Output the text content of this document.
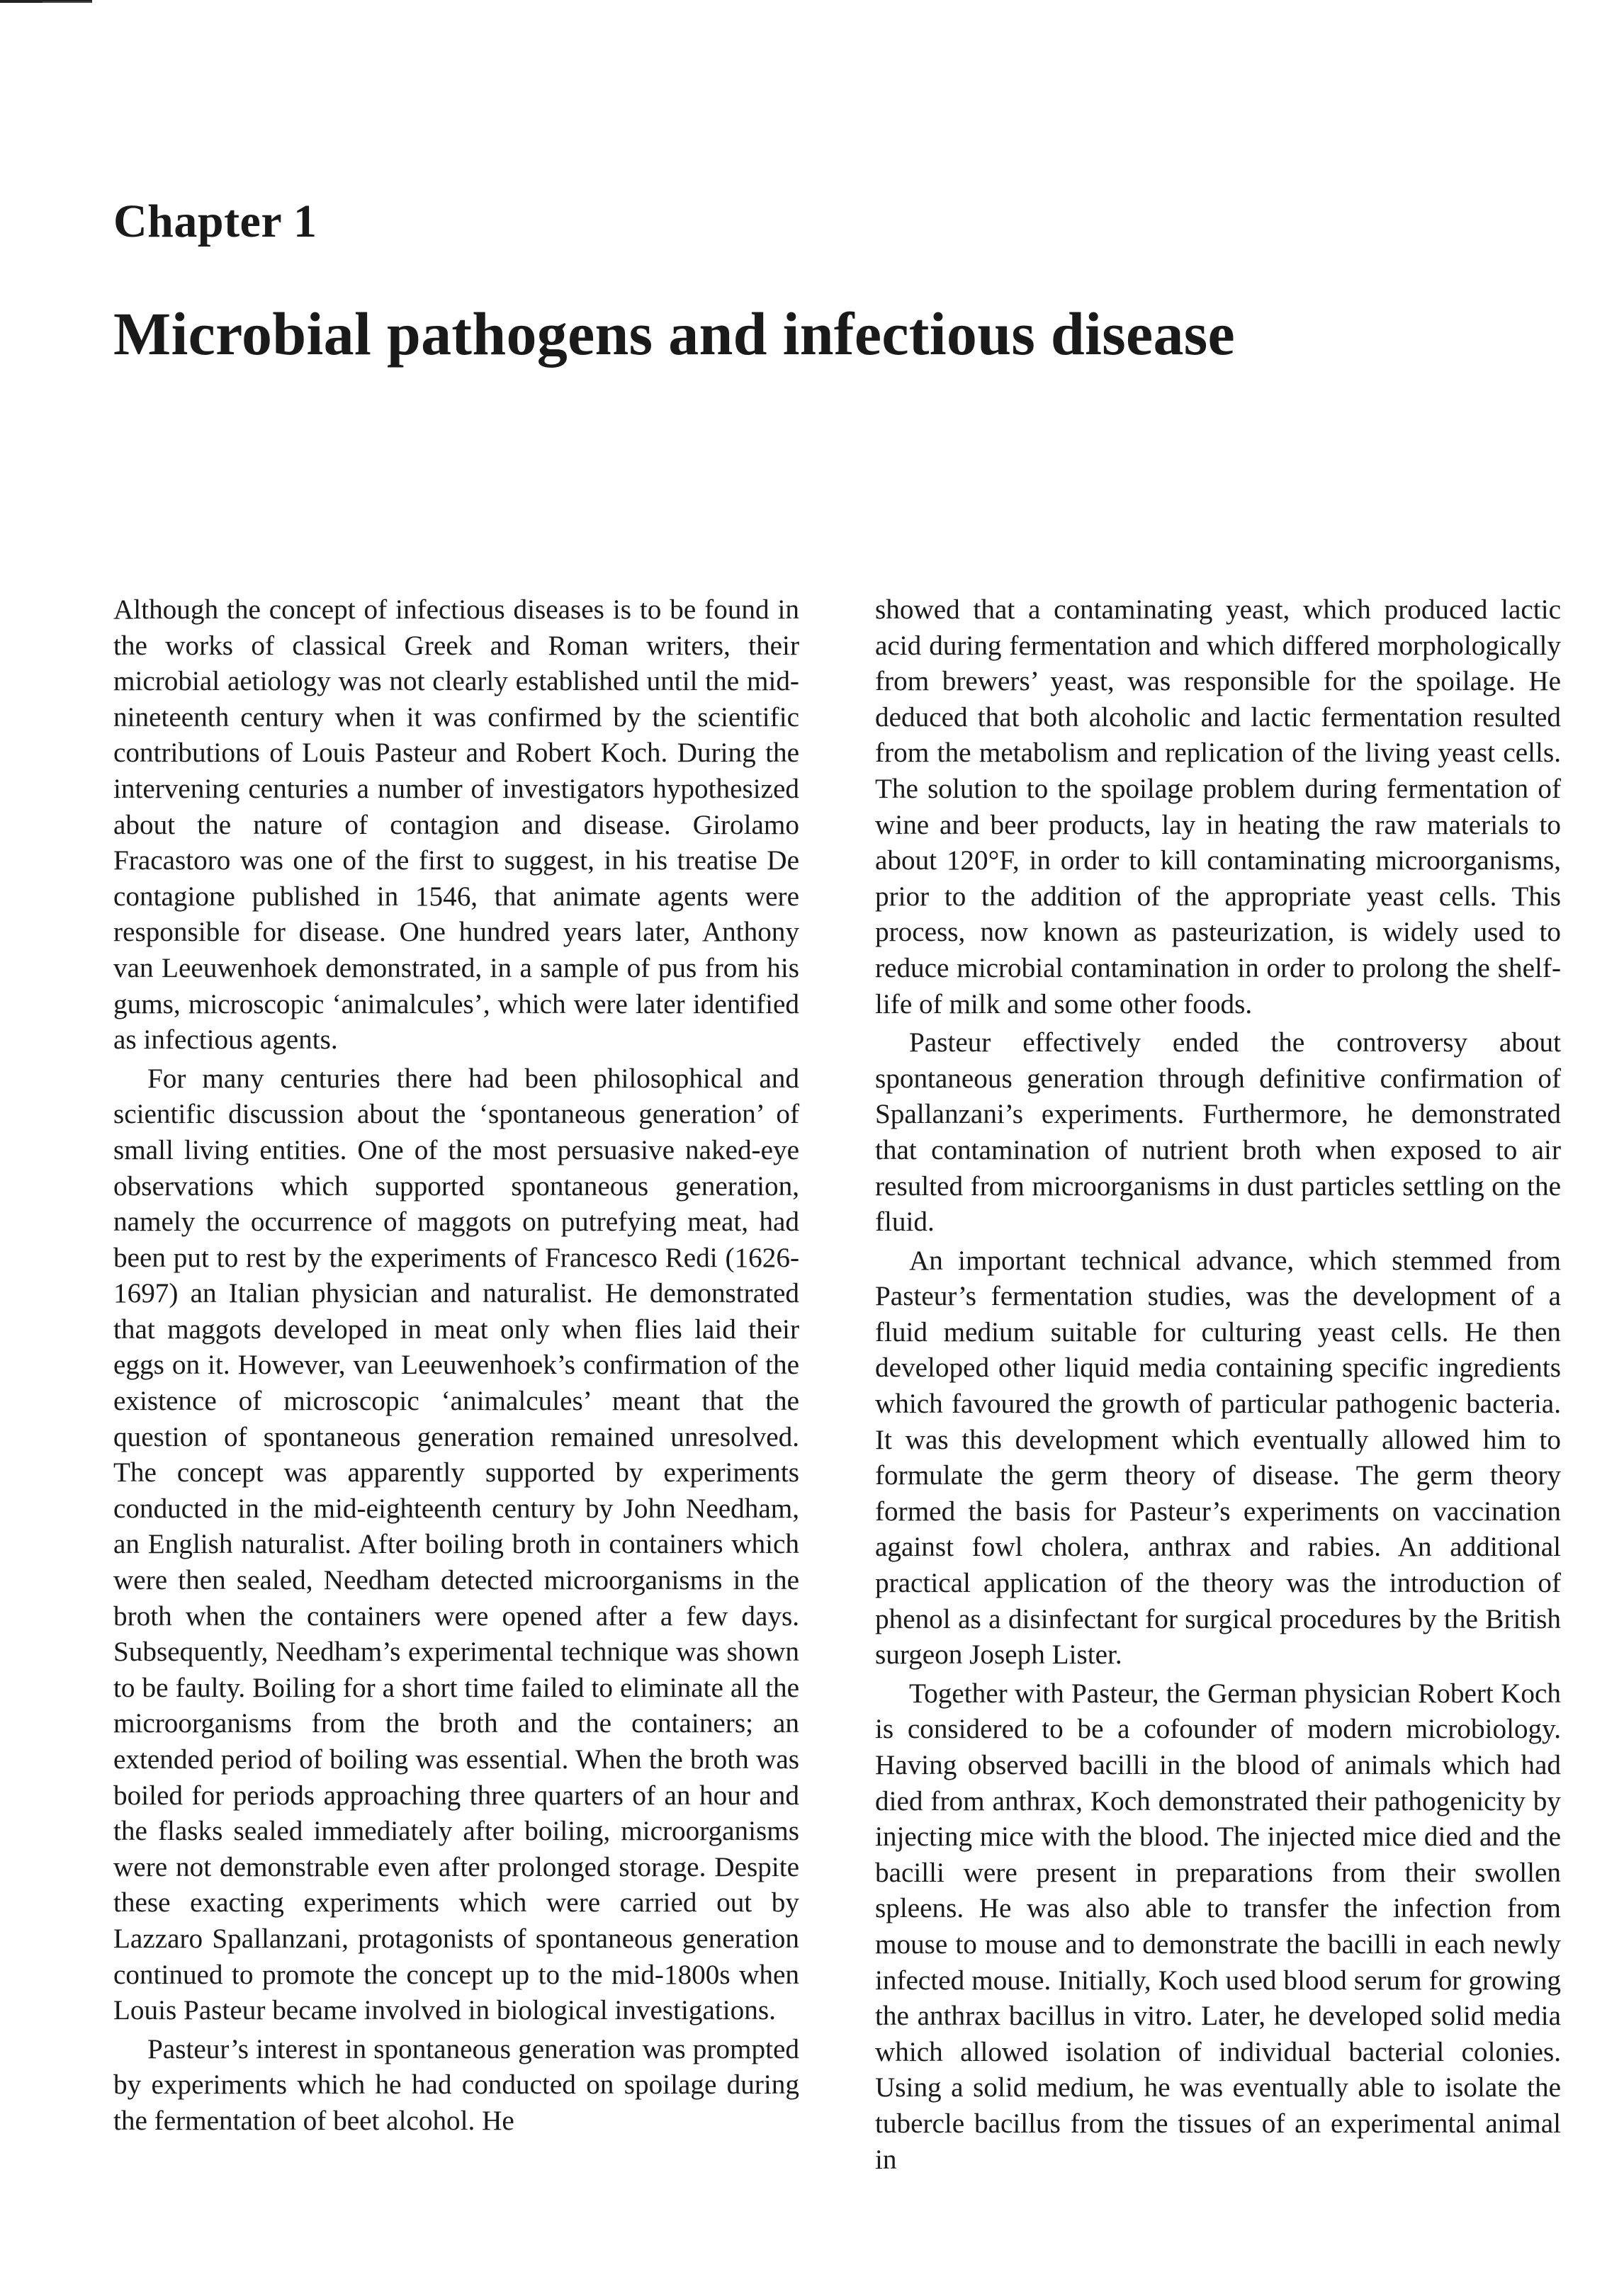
Chapter 1
Microbial pathogens and infectious disease

Although the concept of infectious diseases is to be found in the works of classical Greek and Roman writers, their microbial aetiology was not clearly established until the mid-nineteenth century when it was confirmed by the scientific contributions of Louis Pasteur and Robert Koch. During the intervening centuries a number of investigators hypothesized about the nature of contagion and disease. Girolamo Fracastoro was one of the first to suggest, in his treatise De contagione published in 1546, that animate agents were responsible for disease. One hundred years later, Anthony van Leeuwenhoek demonstrated, in a sample of pus from his gums, microscopic ‘animalcules’, which were later identified as infectious agents.

For many centuries there had been philosophical and scientific discussion about the ‘spontaneous generation’ of small living entities. One of the most persuasive naked-eye observations which supported spontaneous generation, namely the occurrence of maggots on putrefying meat, had been put to rest by the experiments of Francesco Redi (1626-1697) an Italian physician and naturalist. He demonstrated that maggots developed in meat only when flies laid their eggs on it. However, van Leeuwenhoek’s confirmation of the existence of microscopic ‘animalcules’ meant that the question of spontaneous generation remained unresolved. The concept was apparently supported by experiments conducted in the mid-eighteenth century by John Needham, an English naturalist. After boiling broth in containers which were then sealed, Needham detected microorganisms in the broth when the containers were opened after a few days. Subsequently, Needham’s experimental technique was shown to be faulty. Boiling for a short time failed to eliminate all the microorganisms from the broth and the containers; an extended period of boiling was essential. When the broth was boiled for periods approaching three quarters of an hour and the flasks sealed immediately after boiling, microorganisms were not demonstrable even after prolonged storage. Despite these exacting experiments which were carried out by Lazzaro Spallanzani, protagonists of spontaneous generation continued to promote the concept up to the mid-1800s when Louis Pasteur became involved in biological investigations.

Pasteur’s interest in spontaneous generation was prompted by experiments which he had conducted on spoilage during the fermentation of beet alcohol. He

showed that a contaminating yeast, which produced lactic acid during fermentation and which differed morphologically from brewers’ yeast, was responsible for the spoilage. He deduced that both alcoholic and lactic fermentation resulted from the metabolism and replication of the living yeast cells. The solution to the spoilage problem during fermentation of wine and beer products, lay in heating the raw materials to about 120°F, in order to kill contaminating microorganisms, prior to the addition of the appropriate yeast cells. This process, now known as pasteurization, is widely used to reduce microbial contamination in order to prolong the shelf-life of milk and some other foods.

Pasteur effectively ended the controversy about spontaneous generation through definitive confirmation of Spallanzani’s experiments. Furthermore, he demonstrated that contamination of nutrient broth when exposed to air resulted from microorganisms in dust particles settling on the fluid.

An important technical advance, which stemmed from Pasteur’s fermentation studies, was the development of a fluid medium suitable for culturing yeast cells. He then developed other liquid media containing specific ingredients which favoured the growth of particular pathogenic bacteria. It was this development which eventually allowed him to formulate the germ theory of disease. The germ theory formed the basis for Pasteur’s experiments on vaccination against fowl cholera, anthrax and rabies. An additional practical application of the theory was the introduction of phenol as a disinfectant for surgical procedures by the British surgeon Joseph Lister.

Together with Pasteur, the German physician Robert Koch is considered to be a cofounder of modern microbiology. Having observed bacilli in the blood of animals which had died from anthrax, Koch demonstrated their pathogenicity by injecting mice with the blood. The injected mice died and the bacilli were present in preparations from their swollen spleens. He was also able to transfer the infection from mouse to mouse and to demonstrate the bacilli in each newly infected mouse. Initially, Koch used blood serum for growing the anthrax bacillus in vitro. Later, he developed solid media which allowed isolation of individual bacterial colonies. Using a solid medium, he was eventually able to isolate the tubercle bacillus from the tissues of an experimental animal in
